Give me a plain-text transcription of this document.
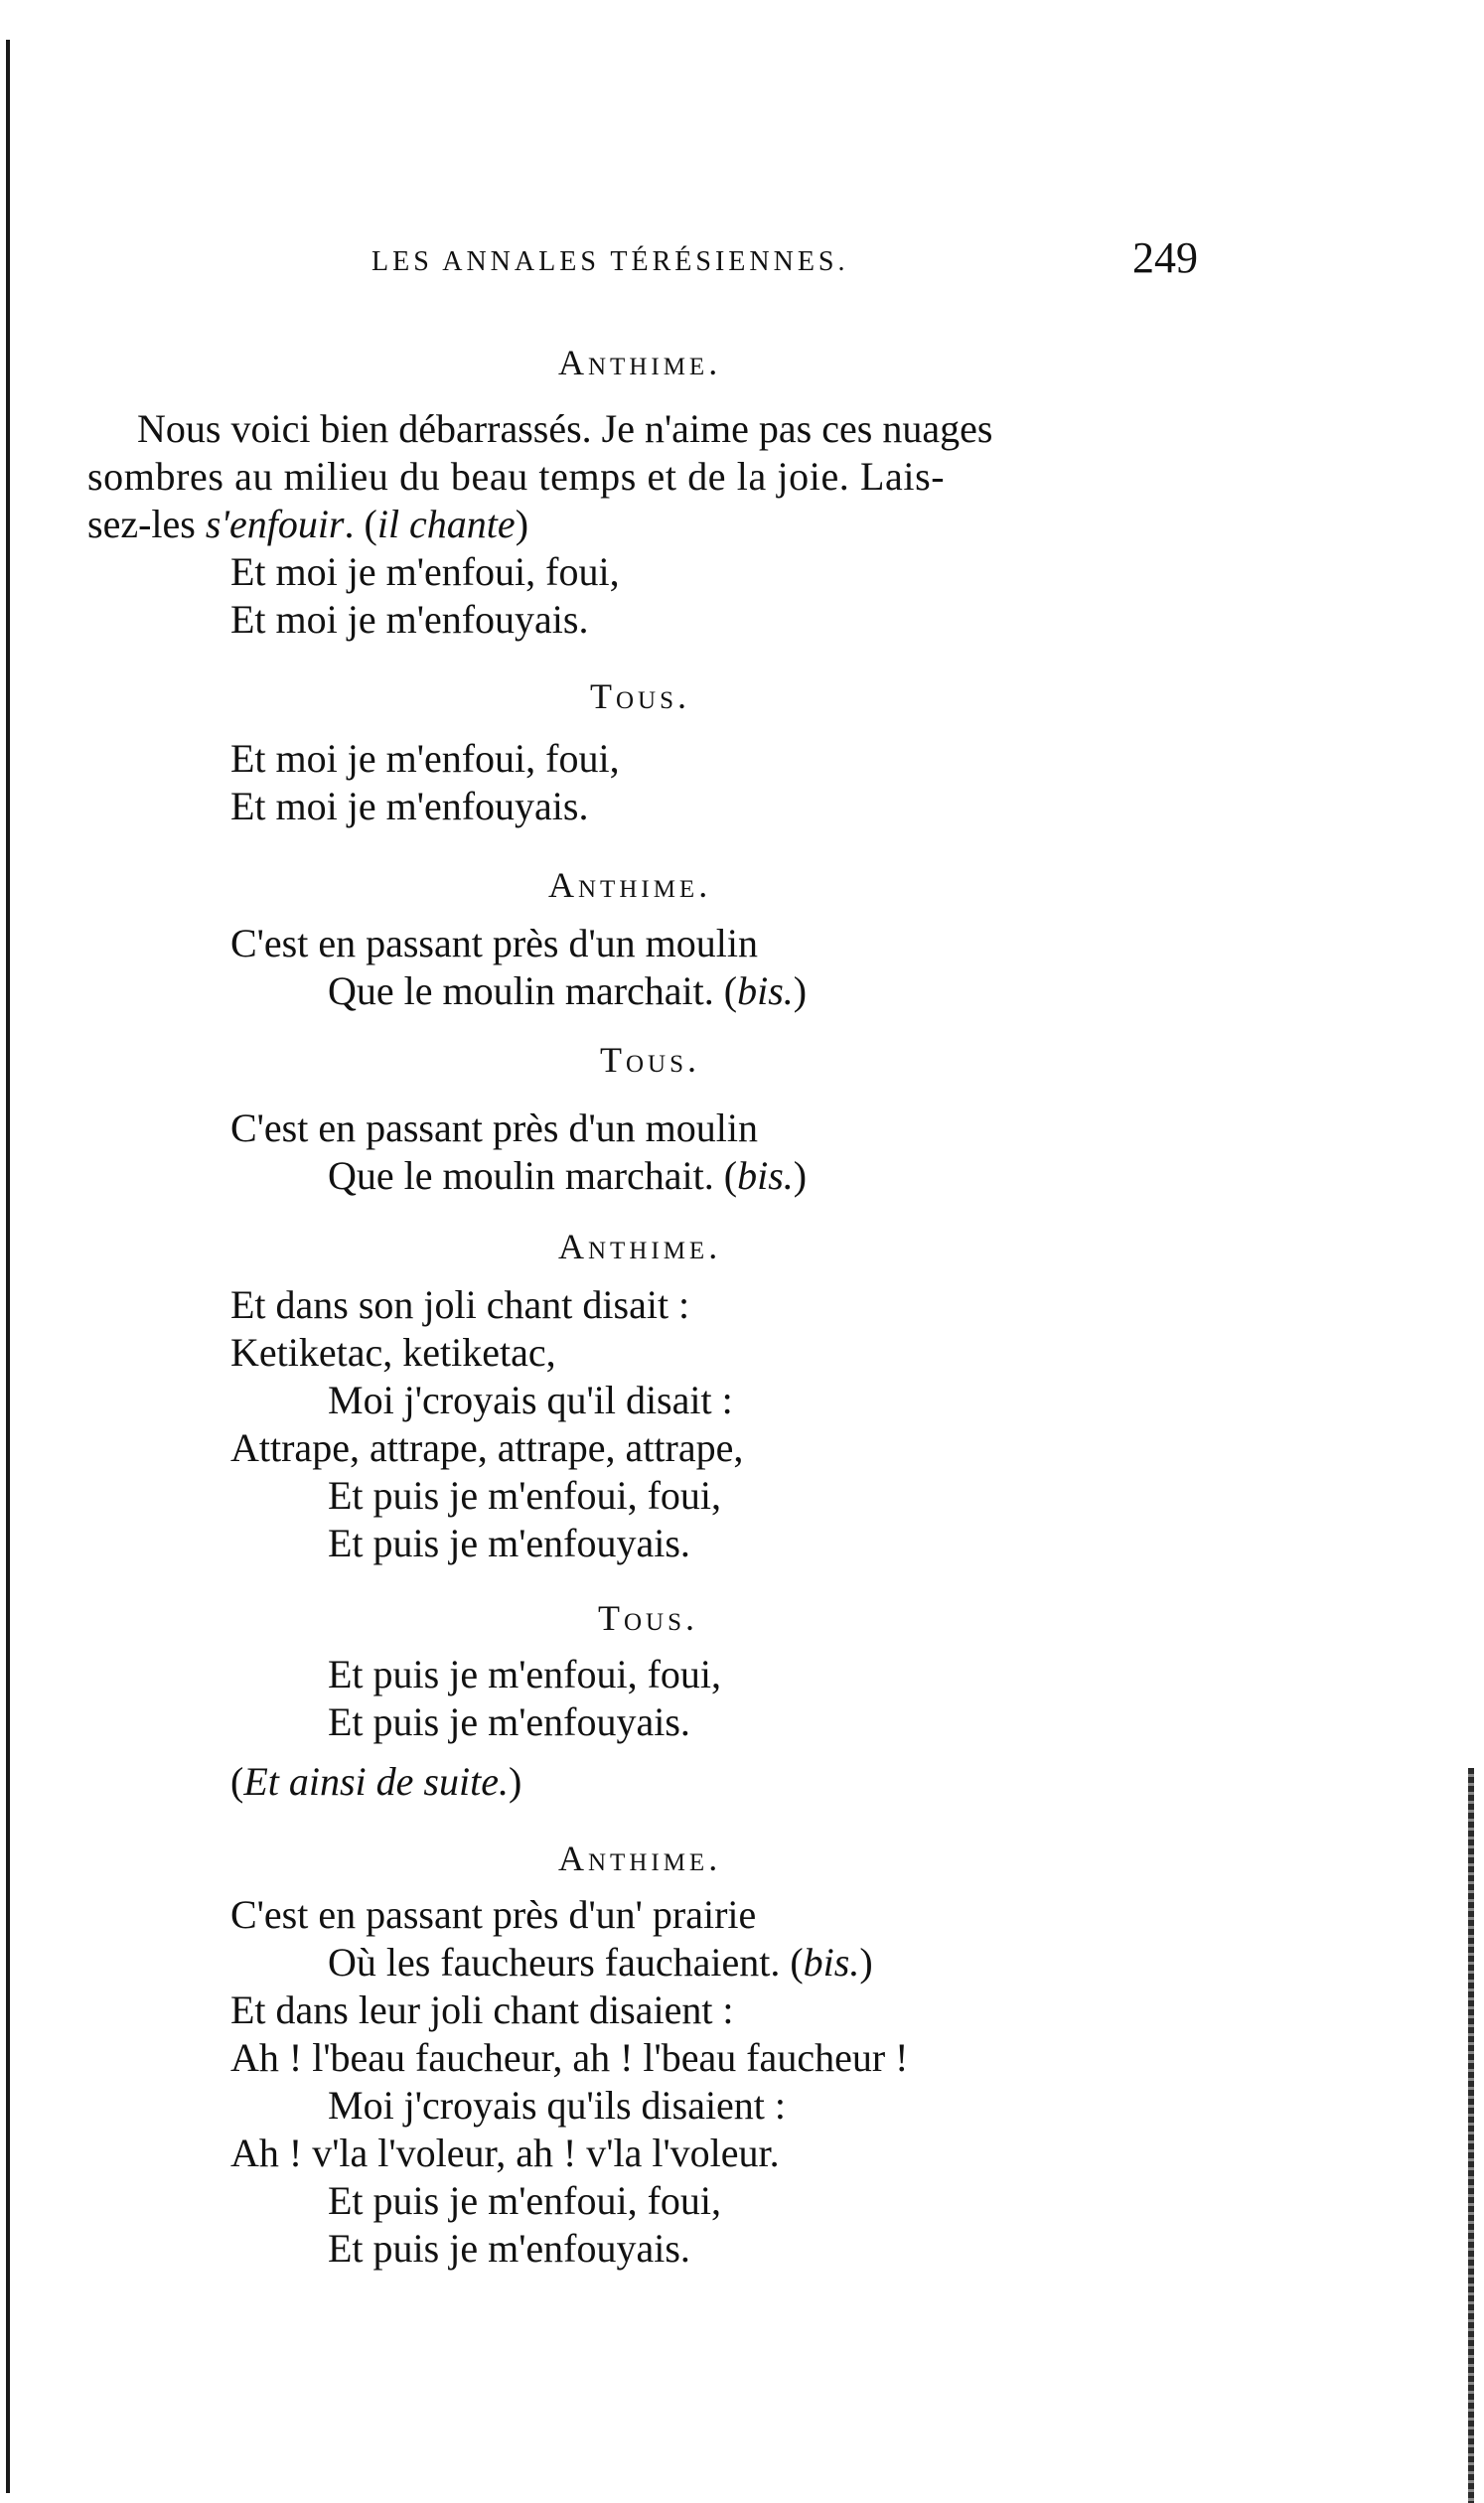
LES ANNALES TÉRÉSIENNES.	249
Anthime.
Nous voici bien débarrassés. Je n'aime pas ces nuages
sombres au milieu du beau temps et de la joie. Lais-
sez-les s'enfouir. (il chante)
Et moi je m'enfoui, foui,
Et moi je m'enfouyais.
Tous.
Et moi je m'enfoui, foui,
Et moi je m'enfouyais.
Anthime.
C'est en passant près d'un moulin
Que le moulin marchait. (bis.)
Tous.
C'est en passant près d'un moulin
Que le moulin marchait. (bis.)
Anthime.
Et dans son joli chant disait :
Ketiketac, ketiketac,
Moi j'croyais qu'il disait :
Attrape, attrape, attrape, attrape,
Et puis je m'enfoui, foui,
Et puis je m'enfouyais.
Tous.
Et puis je m'enfoui, foui,
Et puis je m'enfouyais.
(Et ainsi de suite.)
Anthime.
C'est en passant près d'un' prairie
Où les faucheurs fauchaient. (bis.)
Et dans leur joli chant disaient :
Ah ! l'beau faucheur, ah ! l'beau faucheur !
Moi j'croyais qu'ils disaient :
Ah ! v'la l'voleur, ah ! v'la l'voleur.
Et puis je m'enfoui, foui,
Et puis je m'enfouyais.
